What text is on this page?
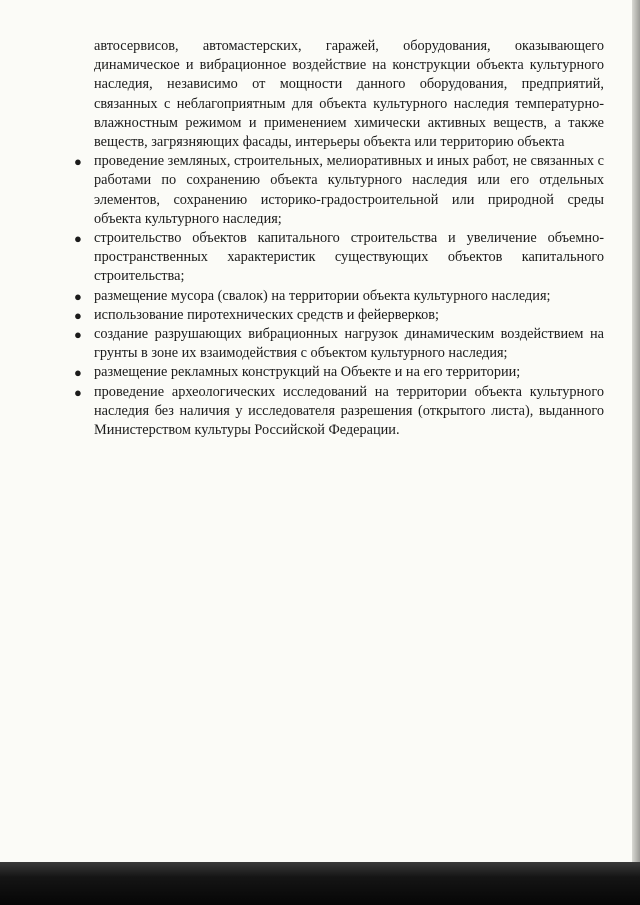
автосервисов, автомастерских, гаражей, оборудования, оказывающего динамическое и вибрационное воздействие на конструкции объекта культурного наследия, независимо от мощности данного оборудования, предприятий, связанных с неблагоприятным для объекта культурного наследия температурно-влажностным режимом и применением химически активных веществ, а также веществ, загрязняющих фасады, интерьеры объекта или территорию объекта

● проведение земляных, строительных, мелиоративных и иных работ, не связанных с работами по сохранению объекта культурного наследия или его отдельных элементов, сохранению историко-градостроительной или природной среды объекта культурного наследия;
● строительство объектов капитального строительства и увеличение объемно-пространственных характеристик существующих объектов капитального строительства;
● размещение мусора (свалок) на территории объекта культурного наследия;
● использование пиротехнических средств и фейерверков;
● создание разрушающих вибрационных нагрузок динамическим воздействием на грунты в зоне их взаимодействия с объектом культурного наследия;
● размещение рекламных конструкций на Объекте и на его территории;
● проведение археологических исследований на территории объекта культурного наследия без наличия у исследователя разрешения (открытого листа), выданного Министерством культуры Российской Федерации.
